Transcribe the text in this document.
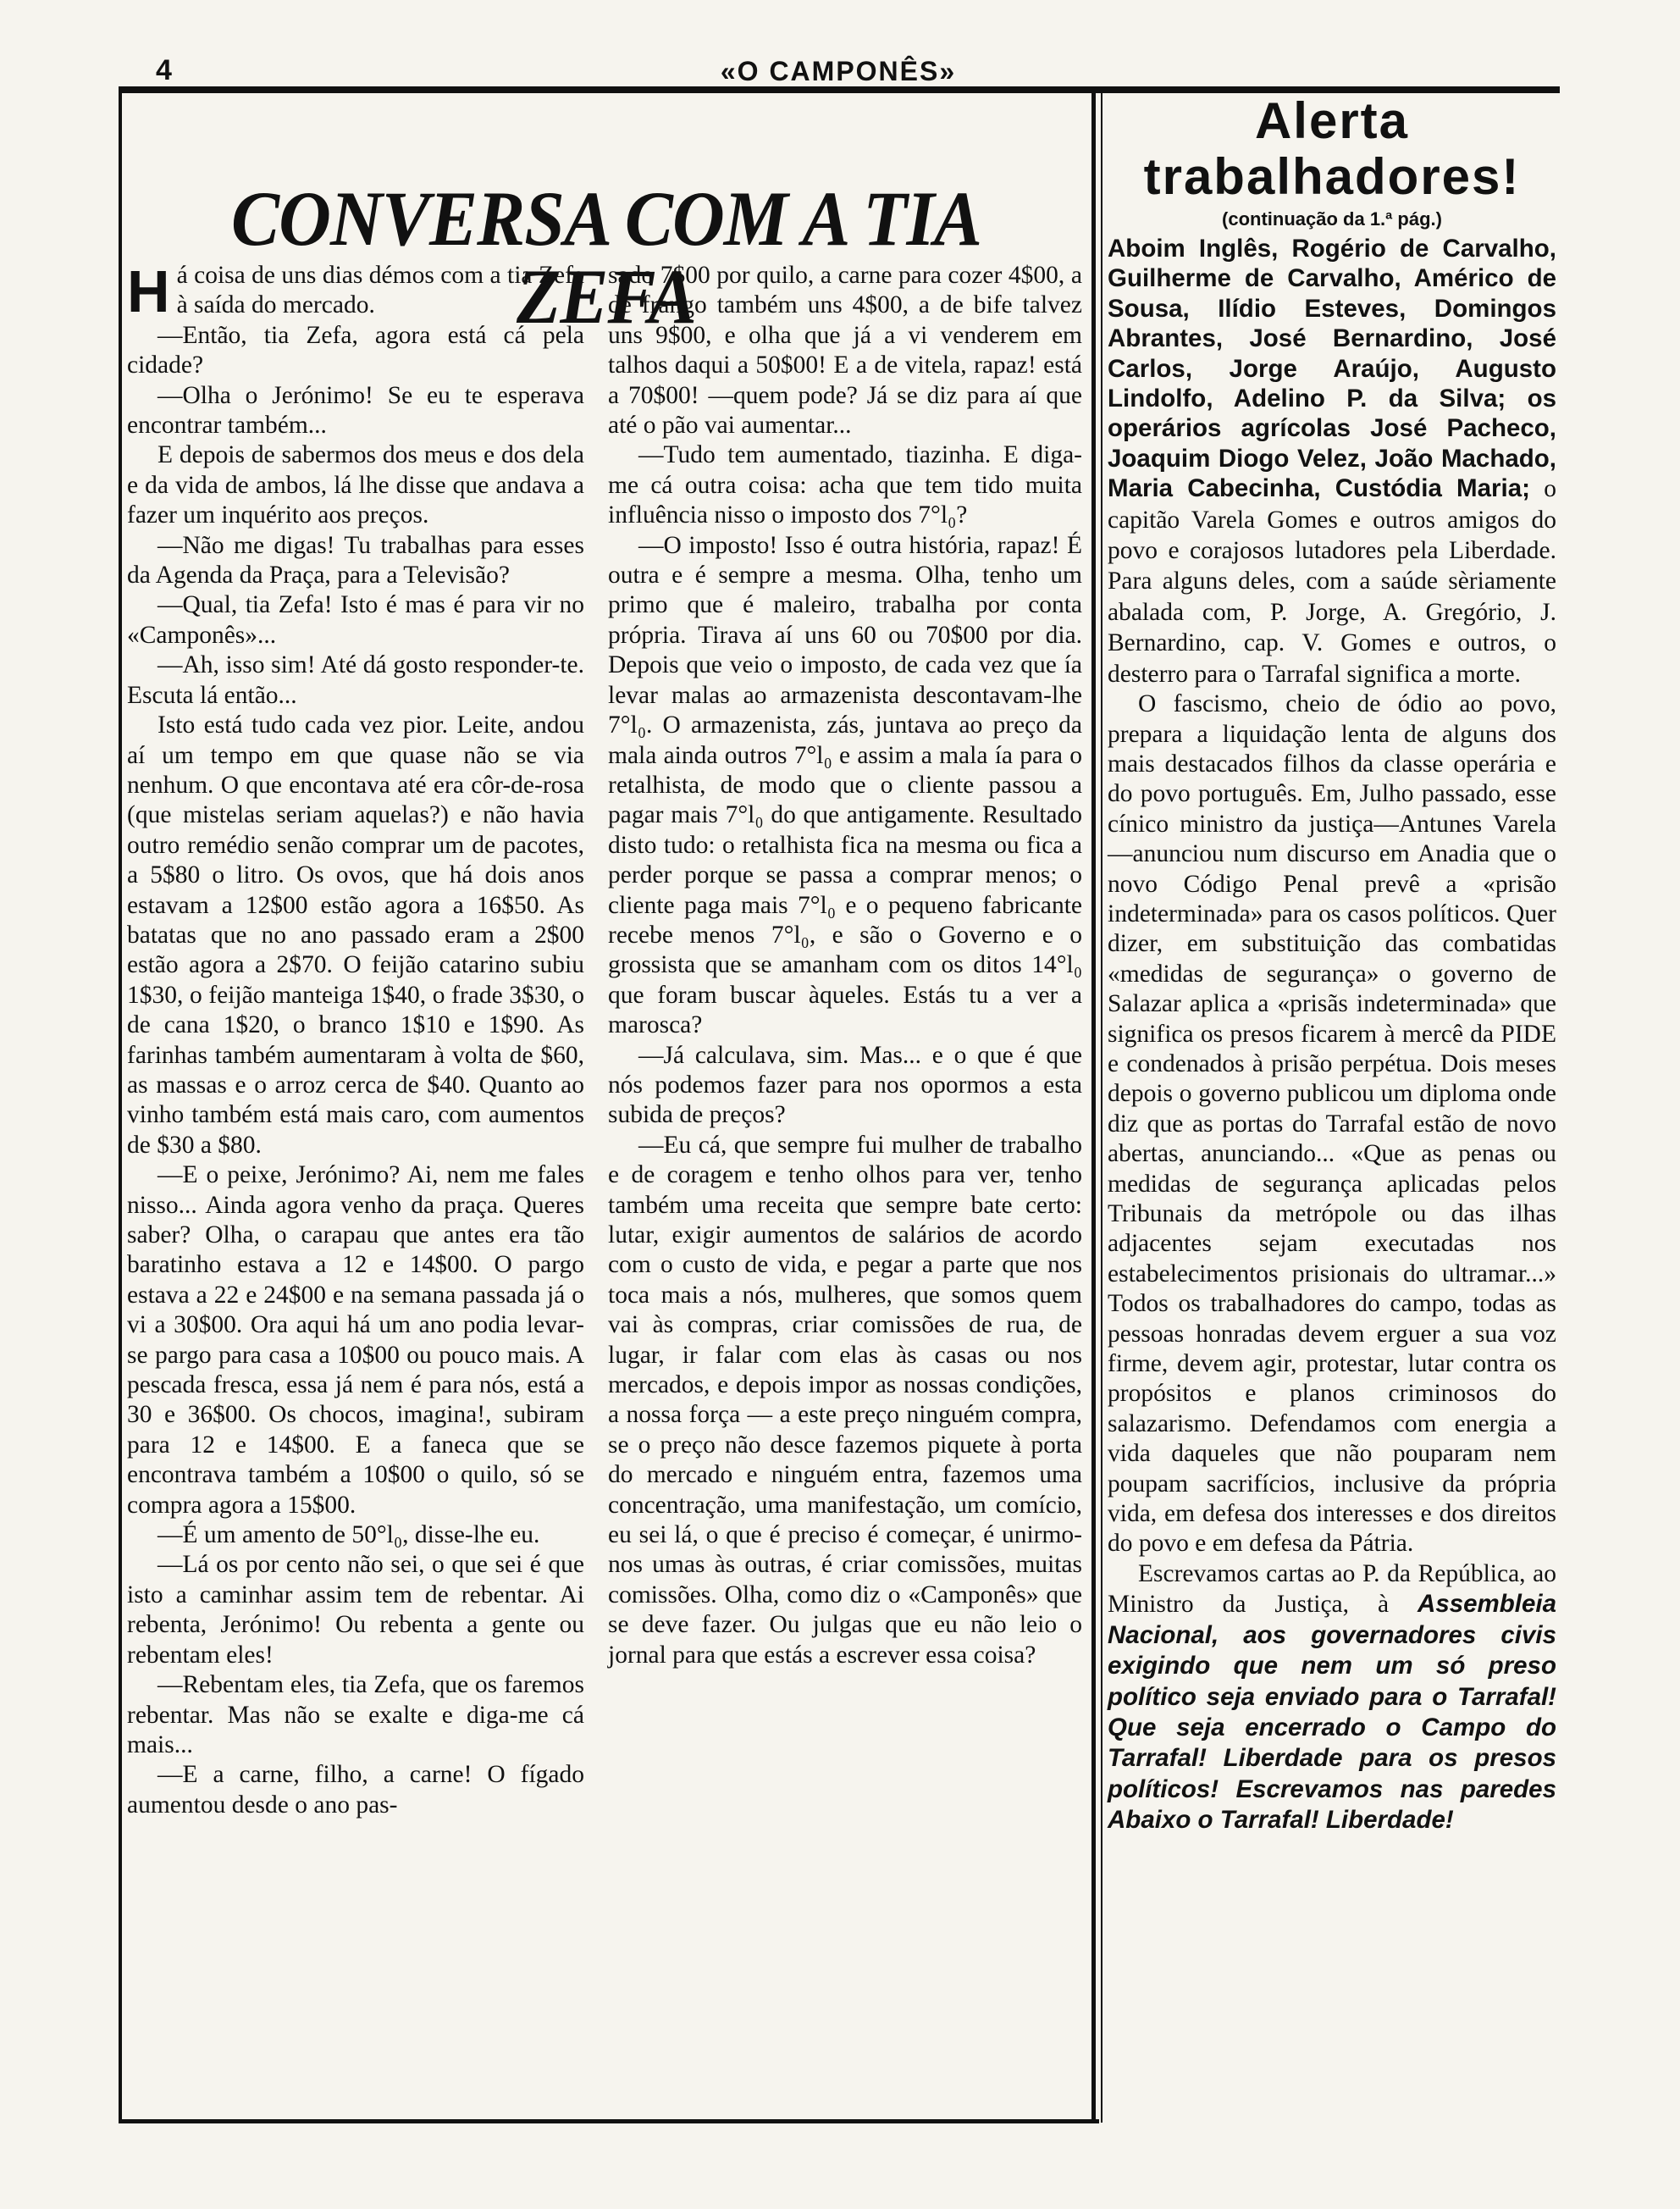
4	«O CAMPONÊS»
CONVERSA COM A TIA ZEFA

Há coisa de uns dias démos com a tia Zefa à saída do mercado.

—Então, tia Zefa, agora está cá pela cidade?

—Olha o Jerónimo! Se eu te esperava encontrar também...

E depois de sabermos dos meus e dos dela e da vida de ambos, lá lhe disse que andava a fazer um inquérito aos preços.

—Não me digas! Tu trabalhas para esses da Agenda da Praça, para a Televisão?

—Qual, tia Zefa! Isto é mas é para vir no «Camponês»...

—Ah, isso sim! Até dá gosto responder-te. Escuta lá então...

Isto está tudo cada vez pior. Leite, andou aí um tempo em que quase não se via nenhum. O que encontava até era côr-de-rosa (que mistelas seriam aquelas?) e não havia outro remédio senão comprar um de pacotes, a 5$80 o litro. Os ovos, que há dois anos estavam a 12$00 estão agora a 16$50. As batatas que no ano passado eram a 2$00 estão agora a 2$70. O feijão catarino subiu 1$30, o feijão manteiga 1$40, o frade 3$30, o de cana 1$20, o branco 1$10 e 1$90. As farinhas também aumentaram à volta de $60, as massas e o arroz cerca de $40. Quanto ao vinho também está mais caro, com aumentos de $30 a $80.

—E o peixe, Jerónimo? Ai, nem me fales nisso... Ainda agora venho da praça. Queres saber? Olha, o carapau que antes era tão baratinho estava a 12 e 14$00. O pargo estava a 22 e 24$00 e na semana passada já o vi a 30$00. Ora aqui há um ano podia levar-se pargo para casa a 10$00 ou pouco mais. A pescada fresca, essa já nem é para nós, está a 30 e 36$00. Os chocos, imagina!, subiram para 12 e 14$00. E a faneca que se encontrava também a 10$00 o quilo, só se compra agora a 15$00.

—É um amento de 50°l₀, disse-lhe eu.

—Lá os por cento não sei, o que sei é que isto a caminhar assim tem de rebentar. Ai rebenta, Jerónimo! Ou rebenta a gente ou rebentam eles!

—Rebentam eles, tia Zefa, que os faremos rebentar. Mas não se exalte e diga-me cá mais...

—E a carne, filho, a carne! O fígado aumentou desde o ano pas-

sado 7$00 por quilo, a carne para cozer 4$00, a de frango também uns 4$00, a de bife talvez uns 9$00, e olha que já a vi venderem em talhos daqui a 50$00! E a de vitela, rapaz! está a 70$00! —quem pode? Já se diz para aí que até o pão vai aumentar...

—Tudo tem aumentado, tiazinha. E diga-me cá outra coisa: acha que tem tido muita influência nisso o imposto dos 7°l₀?

—O imposto! Isso é outra história, rapaz! É outra e é sempre a mesma. Olha, tenho um primo que é maleiro, trabalha por conta própria. Tirava aí uns 60 ou 70$00 por dia. Depois que veio o imposto, de cada vez que ía levar malas ao armazenista descontavam-lhe 7°l₀. O armazenista, zás, juntava ao preço da mala ainda outros 7°l₀ e assim a mala ía para o retalhista, de modo que o cliente passou a pagar mais 7°l₀ do que antigamente. Resultado disto tudo: o retalhista fica na mesma ou fica a perder porque se passa a comprar menos; o cliente paga mais 7°l₀ e o pequeno fabricante recebe menos 7°l₀, e são o Governo e o grossista que se amanham com os ditos 14°l₀ que foram buscar àqueles. Estás tu a ver a maroscа?

—Já calculava, sim. Mas... e o que é que nós podemos fazer para nos opormos a esta subida de preços?

—Eu cá, que sempre fui mulher de trabalho e de coragem e tenho olhos para ver, tenho também uma receita que sempre bate certo: lutar, exigir aumentos de salários de acordo com o custo de vida, e pegar a parte que nos toca mais a nós, mulheres, que somos quem vai às compras, criar comissões de rua, de lugar, ir falar com elas às casas ou nos mercados, e depois impor as nossas condições, a nossa força — a este preço ninguém compra, se o preço não desce fazemos piquete à porta do mercado e ninguém entra, fazemos uma concentração, uma manifestação, um comício, eu sei lá, o que é preciso é começar, é unirmo-nos umas às outras, é criar comissões, muitas comissões. Olha, como diz o «Camponês» que se deve fazer. Ou julgas que eu não leio o jornal para que estás a escrever essa coisa?

Alerta trabalhadores!
(continuação da 1.ª pág.)
Aboim Inglês, Rogério de Carvalho, Guilherme de Carvalho, Américo de Sousa, Ilídio Esteves, Domingos Abrantes, José Bernardino, José Carlos, Jorge Araújo, Augusto Lindolfo, Adelino P. da Silva; os operários agrícolas José Pacheco, Joaquim Diogo Velez, João Machado, Maria Cabecinha, Custódia Maria; o capitão Varela Gomes e outros amigos do povo e corajosos lutadores pela Liberdade. Para alguns deles, com a saúde sèriamente abalada com, P. Jorge, A. Gregório, J. Bernardino, cap. V. Gomes e outros, o desterro para o Tarrafal significa a morte.

O fascismo, cheio de ódio ao povo, prepara a liquidação lenta de alguns dos mais destacados filhos da classe operária e do povo português. Em, Julho passado, esse cínico ministro da justiça—Antunes Varela—anunciou num discurso em Anadia que o novo Código Penal prevê a «prisão indeterminada» para os casos políticos. Quer dizer, em substituição das combatidas «medidas de segurança» o governo de Salazar aplica a «prisãs indeterminada» que significa os presos ficarem à mercê da PIDE e condenados à prisão perpétua. Dois meses depois o governo publicou um diploma onde diz que as portas do Tarrafal estão de novo abertas, anunciando... «Que as penas ou medidas de segurança aplicadas pelos Tribunais da metrópole ou das ilhas adjacentes sejam executadas nos estabelecimentos prisionais do ultramar...» Todos os trabalhadores do campo, todas as pessoas honradas devem erguer a sua voz firme, devem agir, protestar, lutar contra os propósitos e planos criminosos do salazarismo. Defendamos com energia a vida daqueles que não pouparam nem poupam sacrifícios, inclusive da própria vida, em defesa dos interesses e dos direitos do povo e em defesa da Pátria.

Escrevamos cartas ao P. da República, ao Ministro da Justiça, à Assembleia Nacional, aos governadores civis exigindo que nem um só preso político seja enviado para o Tarrafal! Que seja encerrado o Campo do Tarrafal! Liberdade para os presos políticos! Escrevamos nas paredes Abaixo o Tarrafal! Liberdade!
